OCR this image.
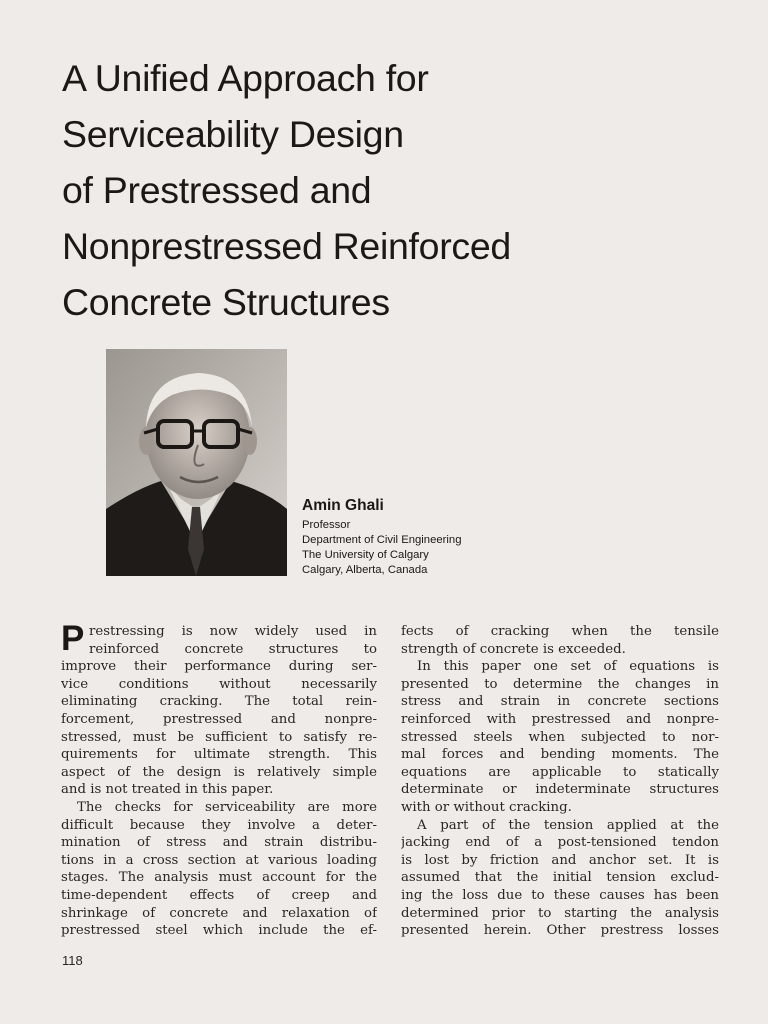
A Unified Approach for
Serviceability Design
of Prestressed and
Nonprestressed Reinforced
Concrete Structures
Amin Ghali
Professor
Department of Civil Engineering
The University of Calgary
Calgary, Alberta, Canada
P restressing is now widely used in
reinforced concrete structures to
improve their performance during ser-
vice conditions without necessarily
eliminating cracking. The total rein-
forcement, prestressed and nonpre-
stressed, must be sufficient to satisfy re-
quirements for ultimate strength. This
aspect of the design is relatively simple
and is not treated in this paper.
The checks for serviceability are more
difficult because they involve a deter-
mination of stress and strain distribu-
tions in a cross section at various loading
stages. The analysis must account for the
time-dependent effects of creep and
shrinkage of concrete and relaxation of
prestressed steel which include the ef-
fects of cracking when the tensile
strength of concrete is exceeded.
In this paper one set of equations is
presented to determine the changes in
stress and strain in concrete sections
reinforced with prestressed and nonpre-
stressed steels when subjected to nor-
mal forces and bending moments. The
equations are applicable to statically
determinate or indeterminate structures
with or without cracking.
A part of the tension applied at the
jacking end of a post-tensioned tendon
is lost by friction and anchor set. It is
assumed that the initial tension exclud-
ing the loss due to these causes has been
determined prior to starting the analysis
presented herein. Other prestress losses
118
